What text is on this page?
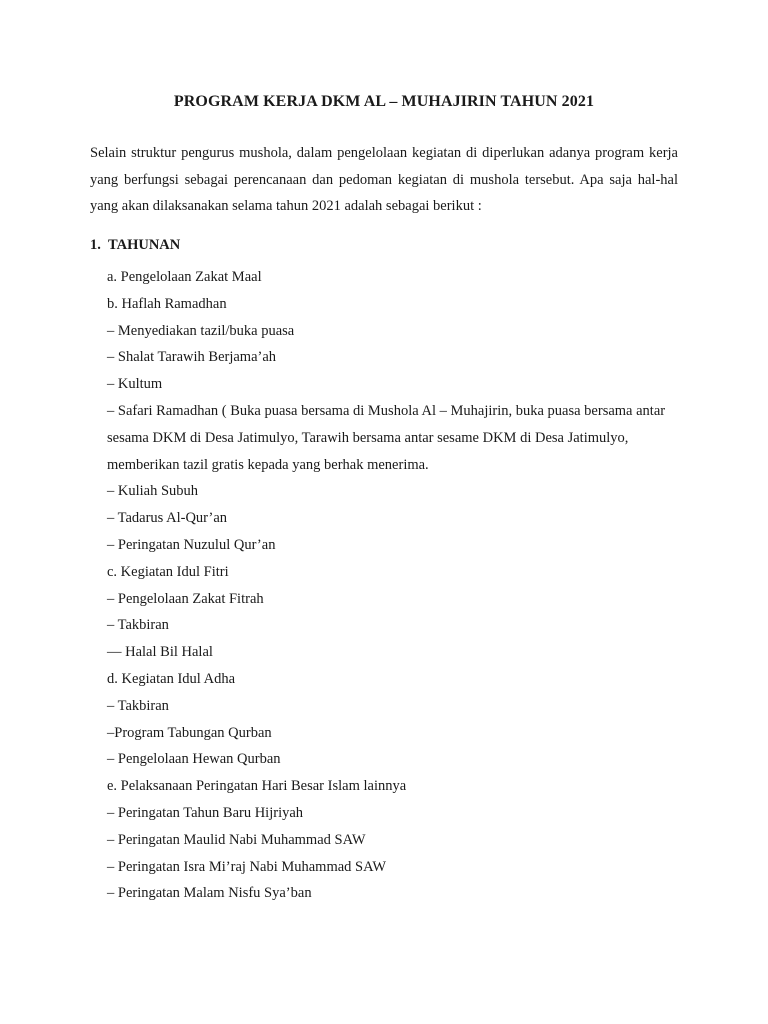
PROGRAM KERJA DKM AL – MUHAJIRIN TAHUN 2021

Selain struktur pengurus mushola, dalam pengelolaan kegiatan di diperlukan adanya program kerja yang berfungsi sebagai perencanaan dan pedoman kegiatan di mushola tersebut. Apa saja hal-hal yang akan dilaksanakan selama tahun 2021 adalah sebagai berikut :

1. TAHUNAN

a. Pengelolaan Zakat Maal

b. Haflah Ramadhan

– Menyediakan tazil/buka puasa

– Shalat Tarawih Berjama’ah

– Kultum

– Safari Ramadhan ( Buka puasa bersama di Mushola Al – Muhajirin, buka puasa bersama antar sesama DKM di Desa Jatimulyo, Tarawih bersama antar sesame DKM di Desa Jatimulyo, memberikan tazil gratis kepada yang berhak menerima.

– Kuliah Subuh

– Tadarus Al-Qur’an

– Peringatan Nuzulul Qur’an

c. Kegiatan Idul Fitri

– Pengelolaan Zakat Fitrah

– Takbiran

— Halal Bil Halal

d. Kegiatan Idul Adha

– Takbiran

–Program Tabungan Qurban

– Pengelolaan Hewan Qurban

e. Pelaksanaan Peringatan Hari Besar Islam lainnya

– Peringatan Tahun Baru Hijriyah

– Peringatan Maulid Nabi Muhammad SAW

– Peringatan Isra Mi’raj Nabi Muhammad SAW

– Peringatan Malam Nisfu Sya’ban
